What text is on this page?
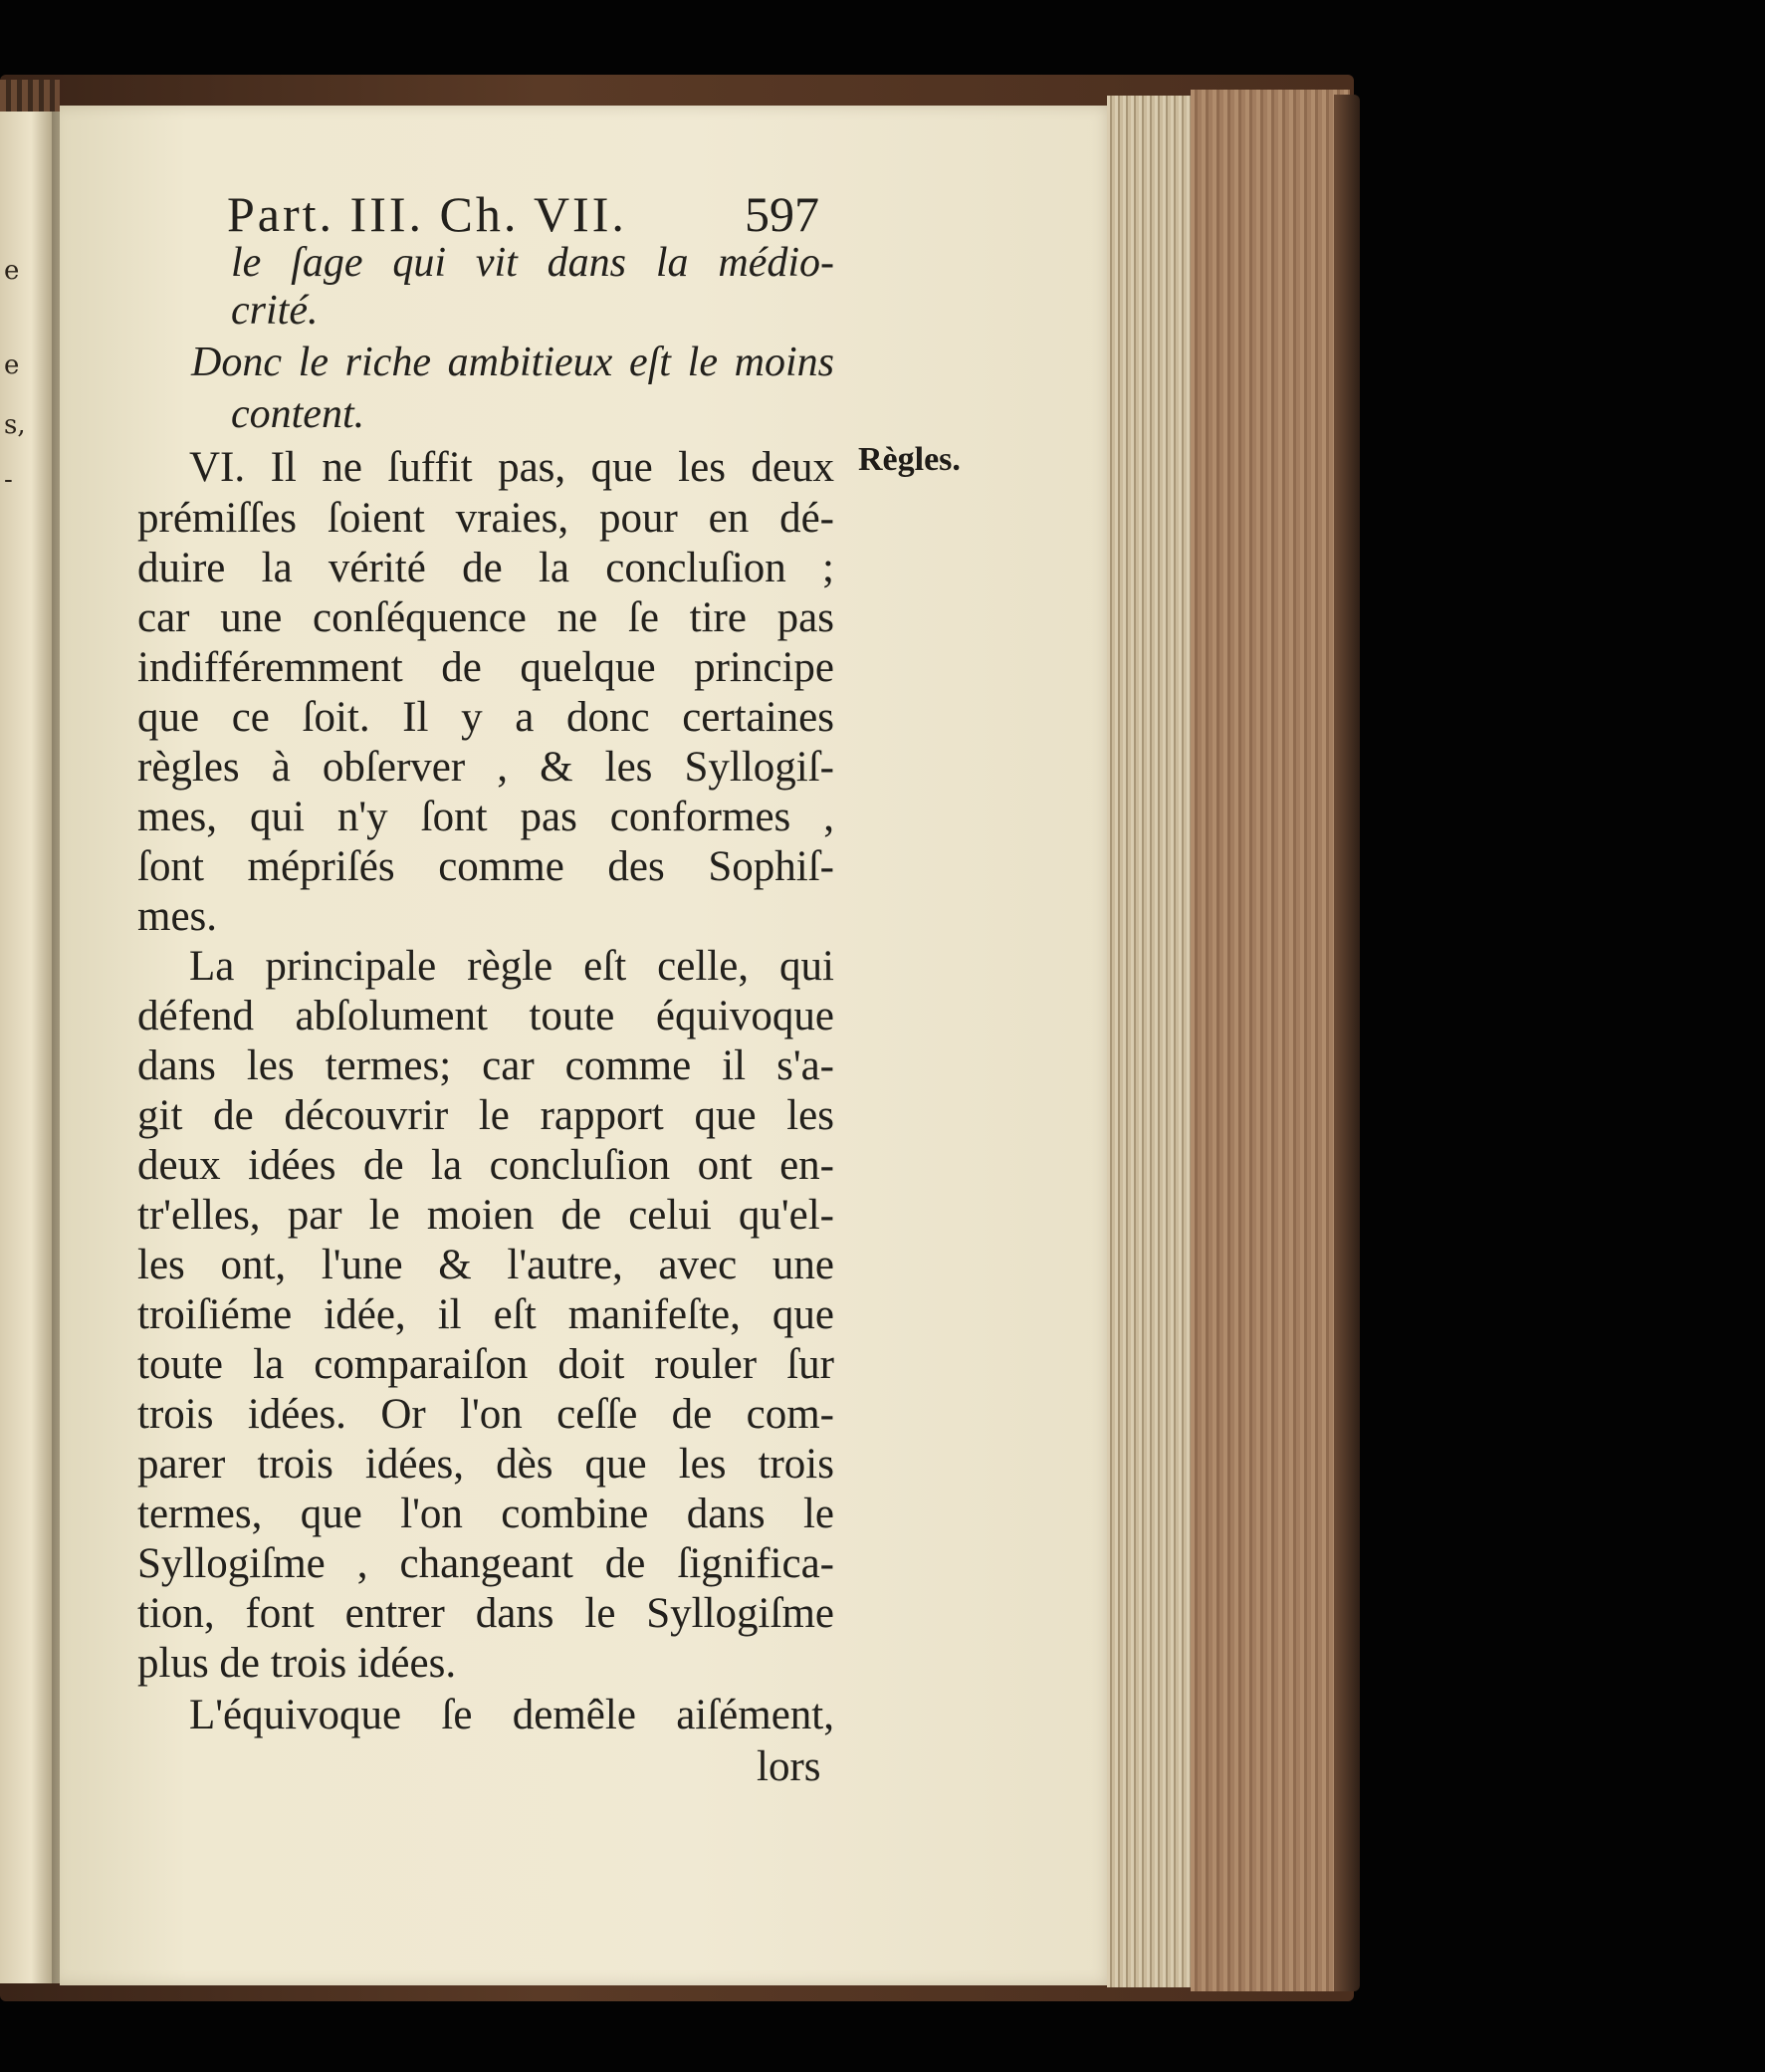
e
e
s,
-
Part. III. Ch. VII. 597
Règles.
le ſage qui vit dans la médio-
crité.
Donc le riche ambitieux eſt le moins
content.
VI. Il ne ſuffit pas, que les deux
prémiſſes ſoient vraies, pour en dé-
duire la vérité de la concluſion ;
car une conſéquence ne ſe tire pas
indifféremment de quelque principe
que ce ſoit. Il y a donc certaines
règles à obſerver , & les Syllogiſ-
mes, qui n'y ſont pas conformes ,
ſont mépriſés comme des Sophiſ-
mes.
La principale règle eſt celle, qui
défend abſolument toute équivoque
dans les termes; car comme il s'a-
git de découvrir le rapport que les
deux idées de la concluſion ont en-
tr'elles, par le moien de celui qu'el-
les ont, l'une & l'autre, avec une
troiſiéme idée, il eſt manifeſte, que
toute la comparaiſon doit rouler ſur
trois idées. Or l'on ceſſe de com-
parer trois idées, dès que les trois
termes, que l'on combine dans le
Syllogiſme , changeant de ſignifica-
tion, font entrer dans le Syllogiſme
plus de trois idées.
L'équivoque ſe demêle aiſément,
lors
